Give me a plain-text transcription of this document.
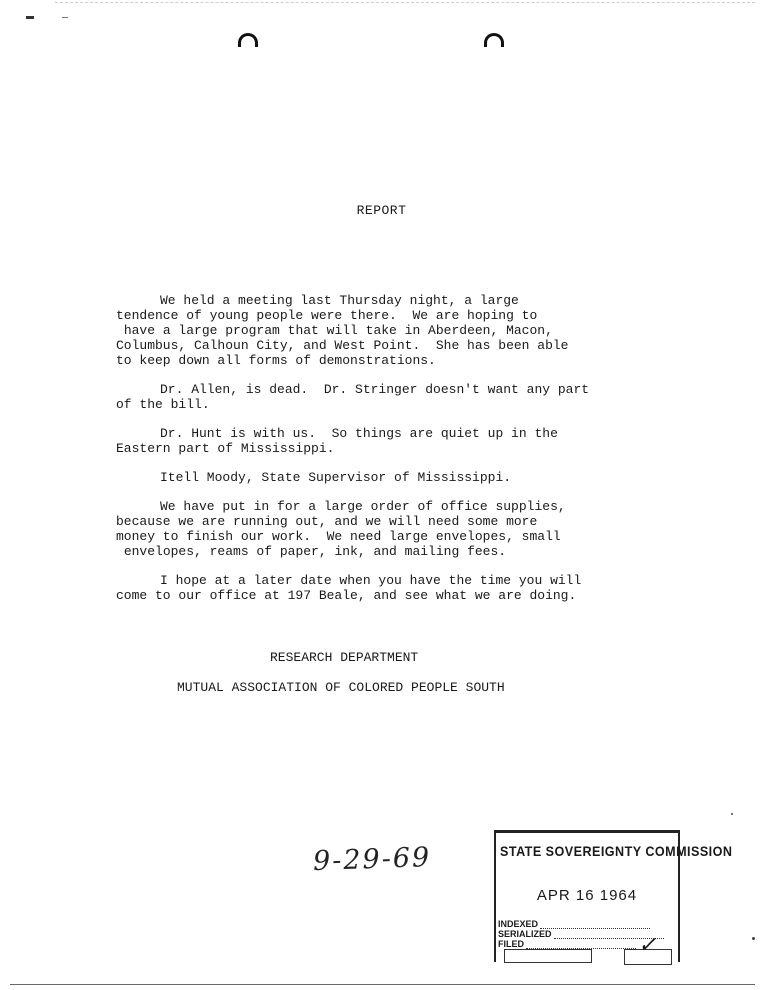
REPORT

We held a meeting last Thursday night, a large
tendence of young people were there.  We are hoping to
have a large program that will take in Aberdeen, Macon,
Columbus, Calhoun City, and West Point.  She has been able
to keep down all forms of demonstrations.

Dr. Allen, is dead.  Dr. Stringer doesn't want any part
of the bill.

Dr. Hunt is with us.  So things are quiet up in the
Eastern part of Mississippi.

Itell Moody, State Supervisor of Mississippi.

We have put in for a large order of office supplies,
because we are running out, and we will need some more
money to finish our work.  We need large envelopes, small
envelopes, reams of paper, ink, and mailing fees.

I hope at a later date when you have the time you will
come to our office at 197 Beale, and see what we are doing.

RESEARCH DEPARTMENT
MUTUAL ASSOCIATION OF COLORED PEOPLE SOUTH
9-29-69	STATE SOVEREIGNTY COMMISSION
APR 16 1964
INDEXED
SERIALIZED
FILED	✓
